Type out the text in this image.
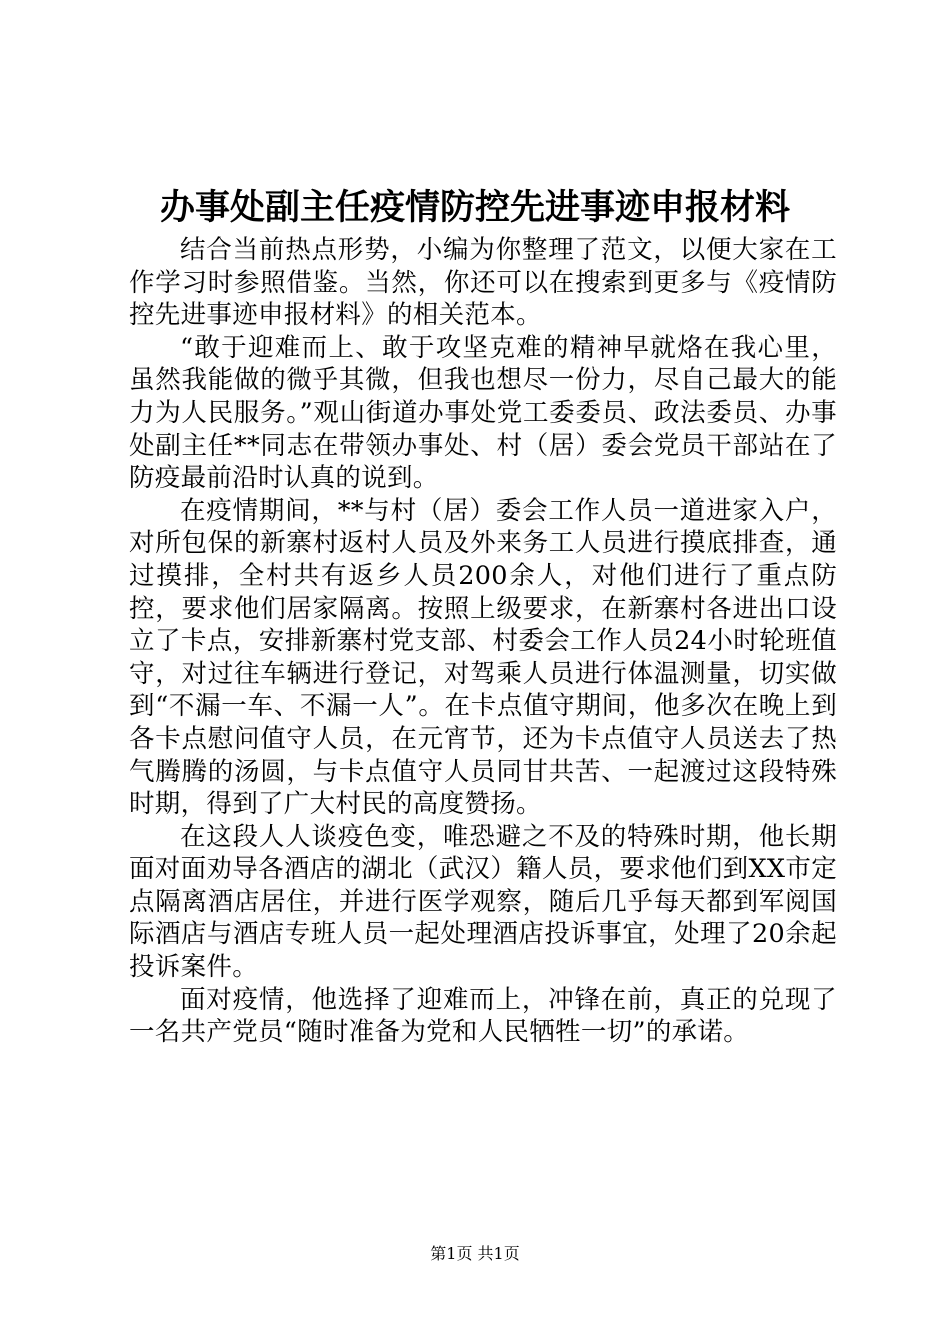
办事处副主任疫情防控先进事迹申报材料

结合当前热点形势，小编为你整理了范文，以便大家在工作学习时参照借鉴。当然，你还可以在搜索到更多与《疫情防控先进事迹申报材料》的相关范本。

“敢于迎难而上、敢于攻坚克难的精神早就烙在我心里，虽然我能做的微乎其微，但我也想尽一份力，尽自己最大的能力为人民服务。”观山街道办事处党工委委员、政法委员、办事处副主任**同志在带领办事处、村（居）委会党员干部站在了防疫最前沿时认真的说到。

在疫情期间，**与村（居）委会工作人员一道进家入户，对所包保的新寨村返村人员及外来务工人员进行摸底排查，通过摸排，全村共有返乡人员200余人，对他们进行了重点防控，要求他们居家隔离。按照上级要求，在新寨村各进出口设立了卡点，安排新寨村党支部、村委会工作人员24小时轮班值守，对过往车辆进行登记，对驾乘人员进行体温测量，切实做到“不漏一车、不漏一人”。在卡点值守期间，他多次在晚上到各卡点慰问值守人员，在元宵节，还为卡点值守人员送去了热气腾腾的汤圆，与卡点值守人员同甘共苦、一起渡过这段特殊时期，得到了广大村民的高度赞扬。

在这段人人谈疫色变，唯恐避之不及的特殊时期，他长期面对面劝导各酒店的湖北（武汉）籍人员，要求他们到XX市定点隔离酒店居住，并进行医学观察，随后几乎每天都到军阅国际酒店与酒店专班人员一起处理酒店投诉事宜，处理了20余起投诉案件。

面对疫情，他选择了迎难而上，冲锋在前，真正的兑现了一名共产党员“随时准备为党和人民牺牲一切”的承诺。

第1页 共1页
